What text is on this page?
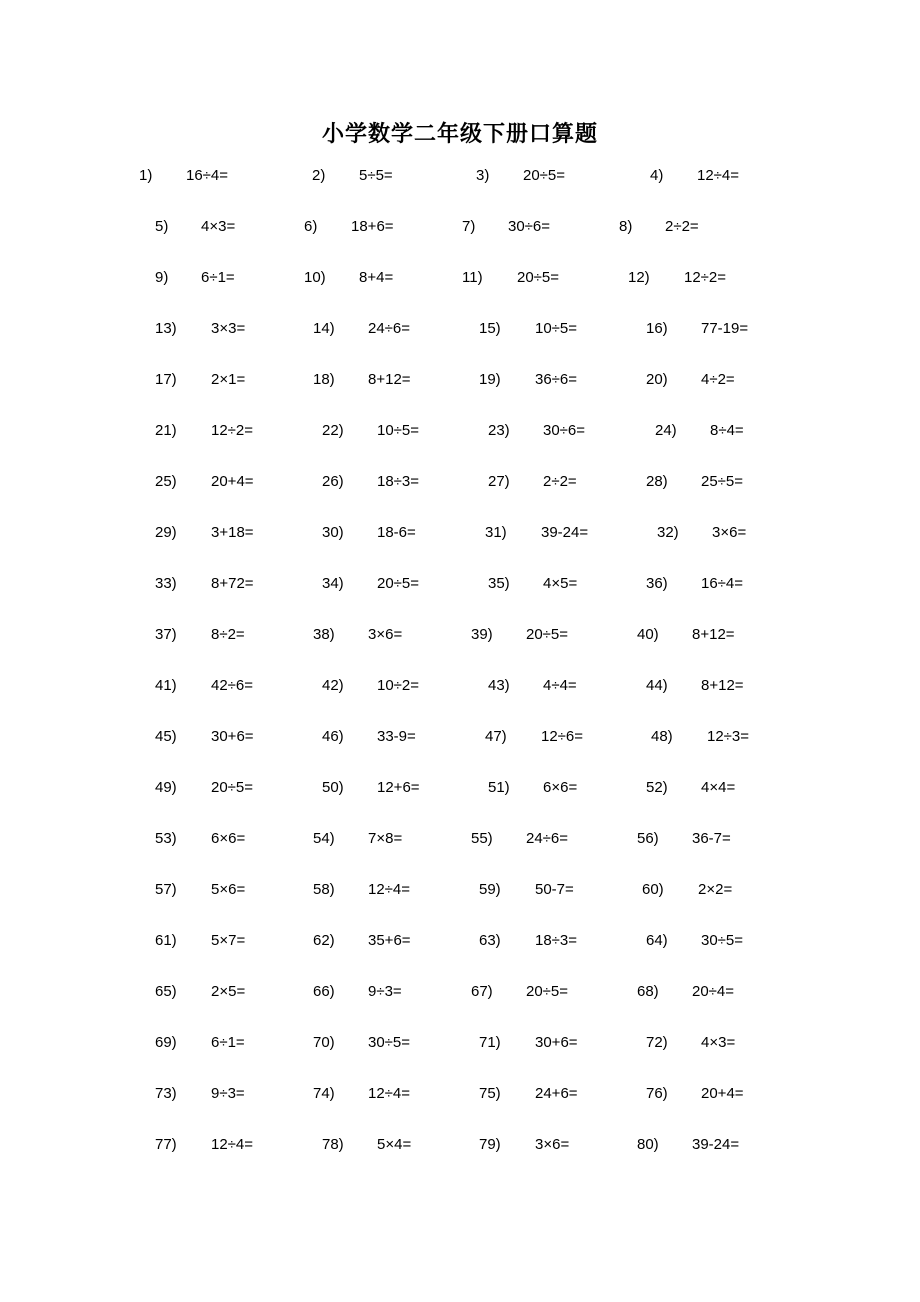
小学数学二年级下册口算题
1) 16÷4=	2) 5÷5=	3) 20÷5=	4) 12÷4=
5) 4×3=	6) 18+6=	7) 30÷6=	8) 2÷2=
9) 6÷1=	10) 8+4=	11) 20÷5=	12) 12÷2=
13) 3×3=	14) 24÷6=	15) 10÷5=	16) 77-19=
17) 2×1=	18) 8+12=	19) 36÷6=	20) 4÷2=
21) 12÷2=	22) 10÷5=	23) 30÷6=	24) 8÷4=
25) 20+4=	26) 18÷3=	27) 2÷2=	28) 25÷5=
29) 3+18=	30) 18-6=	31) 39-24=	32) 3×6=
33) 8+72=	34) 20÷5=	35) 4×5=	36) 16÷4=
37) 8÷2=	38) 3×6=	39) 20÷5=	40) 8+12=
41) 42÷6=	42) 10÷2=	43) 4÷4=	44) 8+12=
45) 30+6=	46) 33-9=	47) 12÷6=	48) 12÷3=
49) 20÷5=	50) 12+6=	51) 6×6=	52) 4×4=
53) 6×6=	54) 7×8=	55) 24÷6=	56) 36-7=
57) 5×6=	58) 12÷4=	59) 50-7=	60) 2×2=
61) 5×7=	62) 35+6=	63) 18÷3=	64) 30÷5=
65) 2×5=	66) 9÷3=	67) 20÷5=	68) 20÷4=
69) 6÷1=	70) 30÷5=	71) 30+6=	72) 4×3=
73) 9÷3=	74) 12÷4=	75) 24+6=	76) 20+4=
77) 12÷4=	78) 5×4=	79) 3×6=	80) 39-24=
